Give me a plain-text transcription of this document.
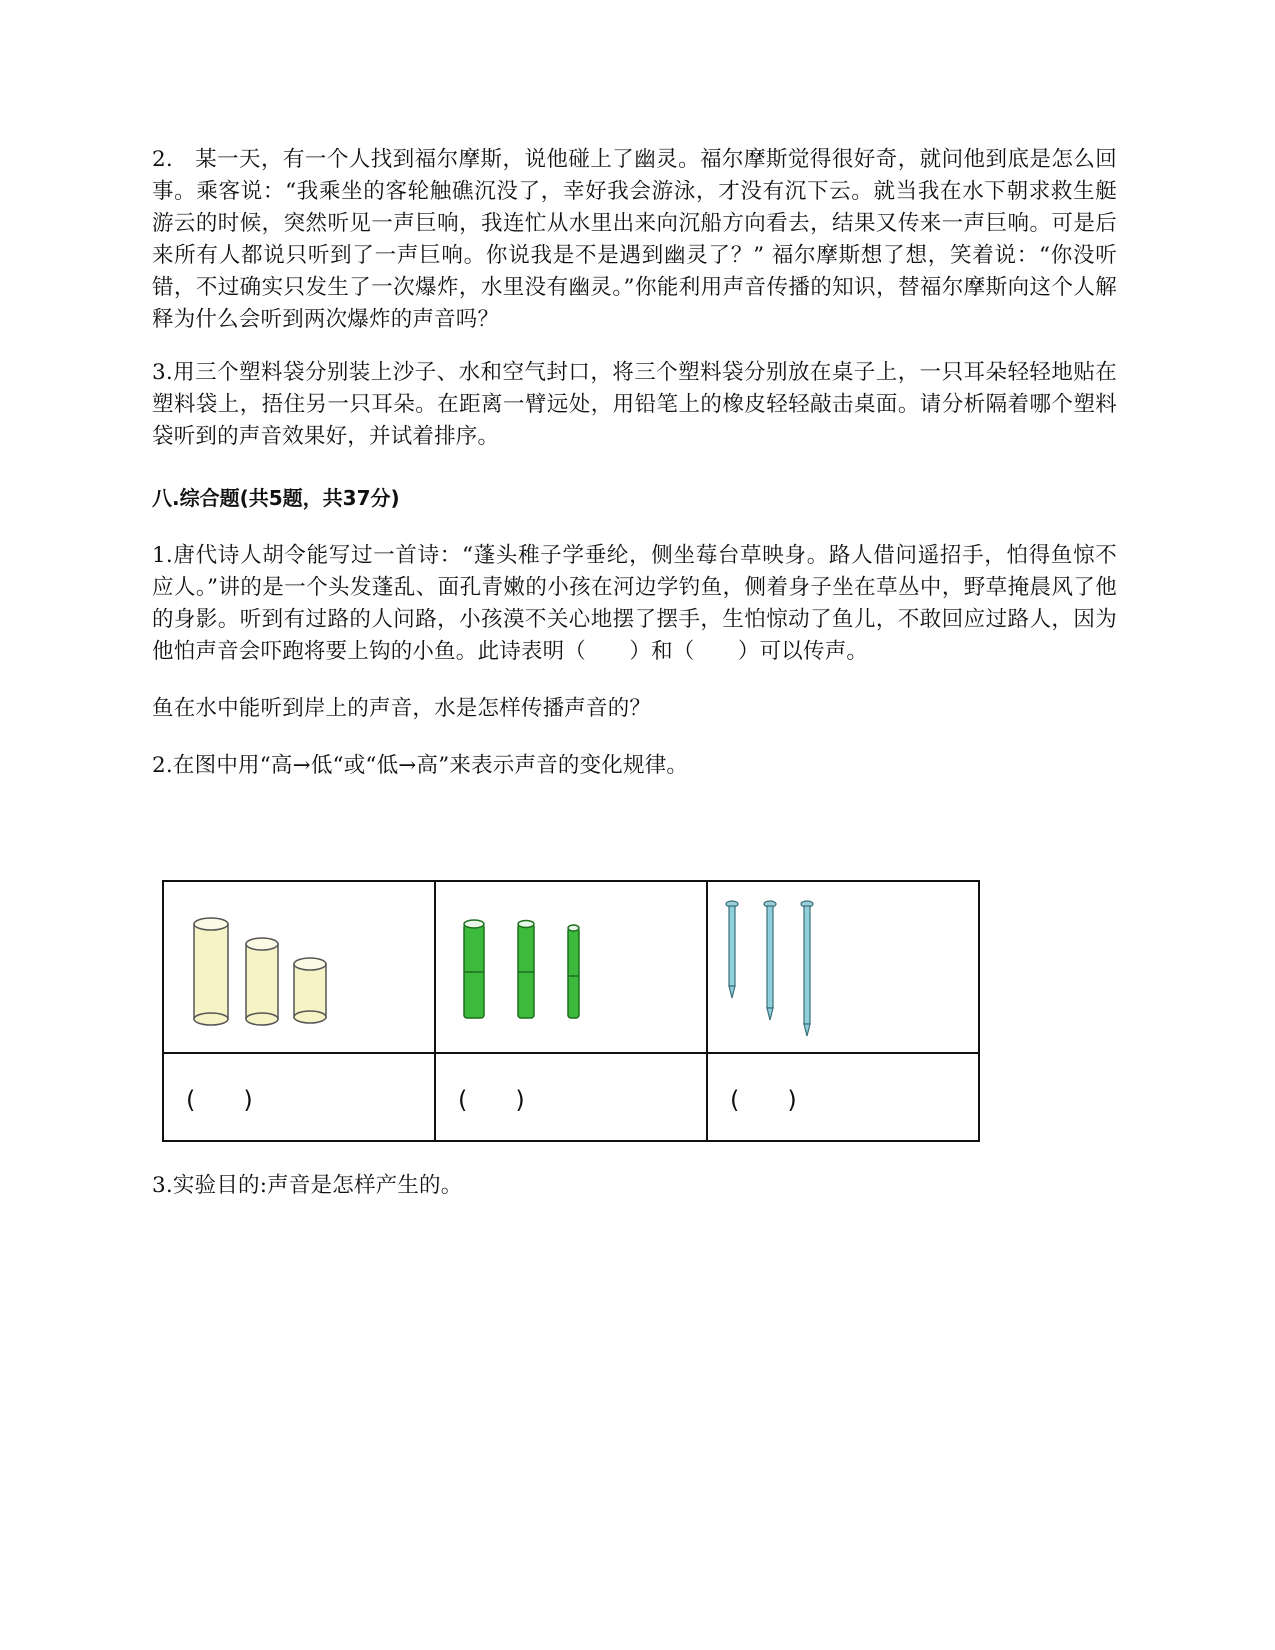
2.　某一天，有一个人找到福尔摩斯，说他碰上了幽灵。福尔摩斯觉得很好奇，就问他到底是怎么回事。乘客说：“我乘坐的客轮触礁沉没了，幸好我会游泳，才没有沉下云。就当我在水下朝求救生艇游云的时候，突然听见一声巨响，我连忙从水里出来向沉船方向看去，结果又传来一声巨响。可是后来所有人都说只听到了一声巨响。你说我是不是遇到幽灵了？” 福尔摩斯想了想，笑着说：“你没听错，不过确实只发生了一次爆炸，水里没有幽灵。”你能利用声音传播的知识，替福尔摩斯向这个人解释为什么会听到两次爆炸的声音吗？

3.用三个塑料袋分别装上沙子、水和空气封口，将三个塑料袋分别放在桌子上，一只耳朵轻轻地贴在塑料袋上，捂住另一只耳朵。在距离一臂远处，用铅笔上的橡皮轻轻敲击桌面。请分析隔着哪个塑料袋听到的声音效果好，并试着排序。

八.综合题(共5题，共37分)

1.唐代诗人胡令能写过一首诗：“蓬头稚子学垂纶，侧坐莓台草映身。路人借问遥招手，怕得鱼惊不应人。”讲的是一个头发蓬乱、面孔青嫩的小孩在河边学钓鱼，侧着身子坐在草丛中，野草掩晨风了他的身影。听到有过路的人问路，小孩漠不关心地摆了摆手，生怕惊动了鱼儿，不敢回应过路人，因为他怕声音会吓跑将要上钩的小鱼。此诗表明（　　）和（　　）可以传声。

鱼在水中能听到岸上的声音，水是怎样传播声音的？

2.在图中用“高→低“或“低→高”来表示声音的变化规律。

(　　)	(　　)	(　　)

3.实验目的:声音是怎样产生的。
